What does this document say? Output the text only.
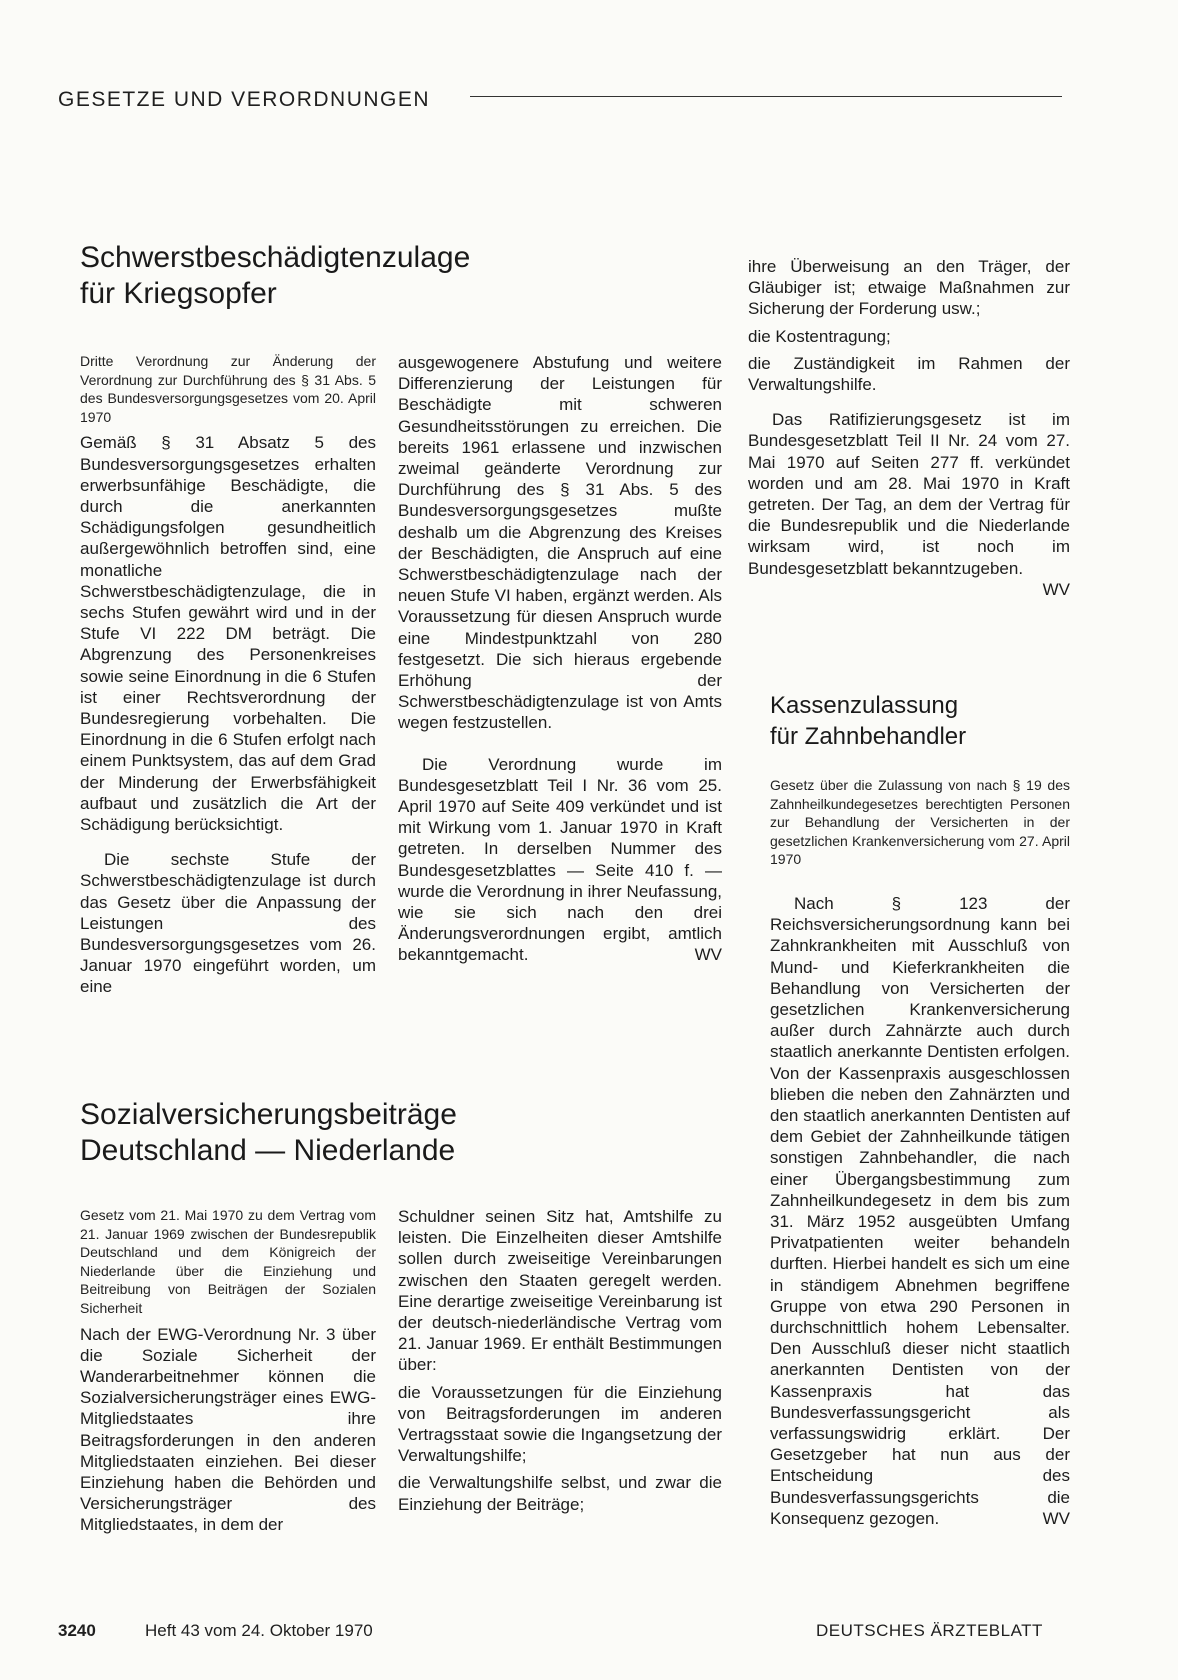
GESETZE UND VERORDNUNGEN
Schwerstbeschädigtenzulage
für Kriegsopfer

Dritte Verordnung zur Änderung der Verordnung zur Durchführung des § 31 Abs. 5 des Bundesversorgungsgesetzes vom 20. April 1970

Gemäß § 31 Absatz 5 des Bundesversorgungsgesetzes erhalten erwerbsunfähige Beschädigte, die durch die anerkannten Schädigungsfolgen gesundheitlich außergewöhnlich betroffen sind, eine monatliche Schwerstbeschädigtenzulage, die in sechs Stufen gewährt wird und in der Stufe VI 222 DM beträgt. Die Abgrenzung des Personenkreises sowie seine Einordnung in die 6 Stufen ist einer Rechtsverordnung der Bundesregierung vorbehalten. Die Einordnung in die 6 Stufen erfolgt nach einem Punktsystem, das auf dem Grad der Minderung der Erwerbsfähigkeit aufbaut und zusätzlich die Art der Schädigung berücksichtigt.

Die sechste Stufe der Schwerstbeschädigtenzulage ist durch das Gesetz über die Anpassung der Leistungen des Bundesversorgungsgesetzes vom 26. Januar 1970 eingeführt worden, um eine

ausgewogenere Abstufung und weitere Differenzierung der Leistungen für Beschädigte mit schweren Gesundheitsstörungen zu erreichen. Die bereits 1961 erlassene und inzwischen zweimal geänderte Verordnung zur Durchführung des § 31 Abs. 5 des Bundesversorgungsgesetzes mußte deshalb um die Abgrenzung des Kreises der Beschädigten, die Anspruch auf eine Schwerstbeschädigtenzulage nach der neuen Stufe VI haben, ergänzt werden. Als Voraussetzung für diesen Anspruch wurde eine Mindestpunktzahl von 280 festgesetzt. Die sich hieraus ergebende Erhöhung der Schwerstbeschädigtenzulage ist von Amts wegen festzustellen.

Die Verordnung wurde im Bundesgesetzblatt Teil I Nr. 36 vom 25. April 1970 auf Seite 409 verkündet und ist mit Wirkung vom 1. Januar 1970 in Kraft getreten. In derselben Nummer des Bundesgesetzblattes — Seite 410 f. — wurde die Verordnung in ihrer Neufassung, wie sie sich nach den drei Änderungsverordnungen ergibt, amtlich bekanntgemacht.	WV

Sozialversicherungsbeiträge
Deutschland — Niederlande

Gesetz vom 21. Mai 1970 zu dem Vertrag vom 21. Januar 1969 zwischen der Bundesrepublik Deutschland und dem Königreich der Niederlande über die Einziehung und Beitreibung von Beiträgen der Sozialen Sicherheit

Nach der EWG-Verordnung Nr. 3 über die Soziale Sicherheit der Wanderarbeitnehmer können die Sozialversicherungsträger eines EWG-Mitgliedstaates ihre Beitragsforderungen in den anderen Mitgliedstaaten einziehen. Bei dieser Einziehung haben die Behörden und Versicherungsträger des Mitgliedstaates, in dem der

Schuldner seinen Sitz hat, Amtshilfe zu leisten. Die Einzelheiten dieser Amtshilfe sollen durch zweiseitige Vereinbarungen zwischen den Staaten geregelt werden. Eine derartige zweiseitige Vereinbarung ist der deutsch-niederländische Vertrag vom 21. Januar 1969. Er enthält Bestimmungen über:

die Voraussetzungen für die Einziehung von Beitragsforderungen im anderen Vertragsstaat sowie die Ingangsetzung der Verwaltungshilfe;

die Verwaltungshilfe selbst, und zwar die Einziehung der Beiträge;

ihre Überweisung an den Träger, der Gläubiger ist; etwaige Maßnahmen zur Sicherung der Forderung usw.;

die Kostentragung;

die Zuständigkeit im Rahmen der Verwaltungshilfe.

Das Ratifizierungsgesetz ist im Bundesgesetzblatt Teil II Nr. 24 vom 27. Mai 1970 auf Seiten 277 ff. verkündet worden und am 28. Mai 1970 in Kraft getreten. Der Tag, an dem der Vertrag für die Bundesrepublik und die Niederlande wirksam wird, ist noch im Bundesgesetzblatt bekanntzugeben.
WV

Kassenzulassung
für Zahnbehandler

Gesetz über die Zulassung von nach § 19 des Zahnheilkundegesetzes berechtigten Personen zur Behandlung der Versicherten in der gesetzlichen Krankenversicherung vom 27. April 1970

Nach § 123 der Reichsversicherungsordnung kann bei Zahnkrankheiten mit Ausschluß von Mund- und Kieferkrankheiten die Behandlung von Versicherten der gesetzlichen Krankenversicherung außer durch Zahnärzte auch durch staatlich anerkannte Dentisten erfolgen. Von der Kassenpraxis ausgeschlossen blieben die neben den Zahnärzten und den staatlich anerkannten Dentisten auf dem Gebiet der Zahnheilkunde tätigen sonstigen Zahnbehandler, die nach einer Übergangsbestimmung zum Zahnheilkundegesetz in dem bis zum 31. März 1952 ausgeübten Umfang Privatpatienten weiter behandeln durften. Hierbei handelt es sich um eine in ständigem Abnehmen begriffene Gruppe von etwa 290 Personen in durchschnittlich hohem Lebensalter. Den Ausschluß dieser nicht staatlich anerkannten Dentisten von der Kassenpraxis hat das Bundesverfassungsgericht als verfassungswidrig erklärt. Der Gesetzgeber hat nun aus der Entscheidung des Bundesverfassungsgerichts die Konsequenz gezogen.	WV

3240	Heft 43 vom 24. Oktober 1970	DEUTSCHES ÄRZTEBLATT
